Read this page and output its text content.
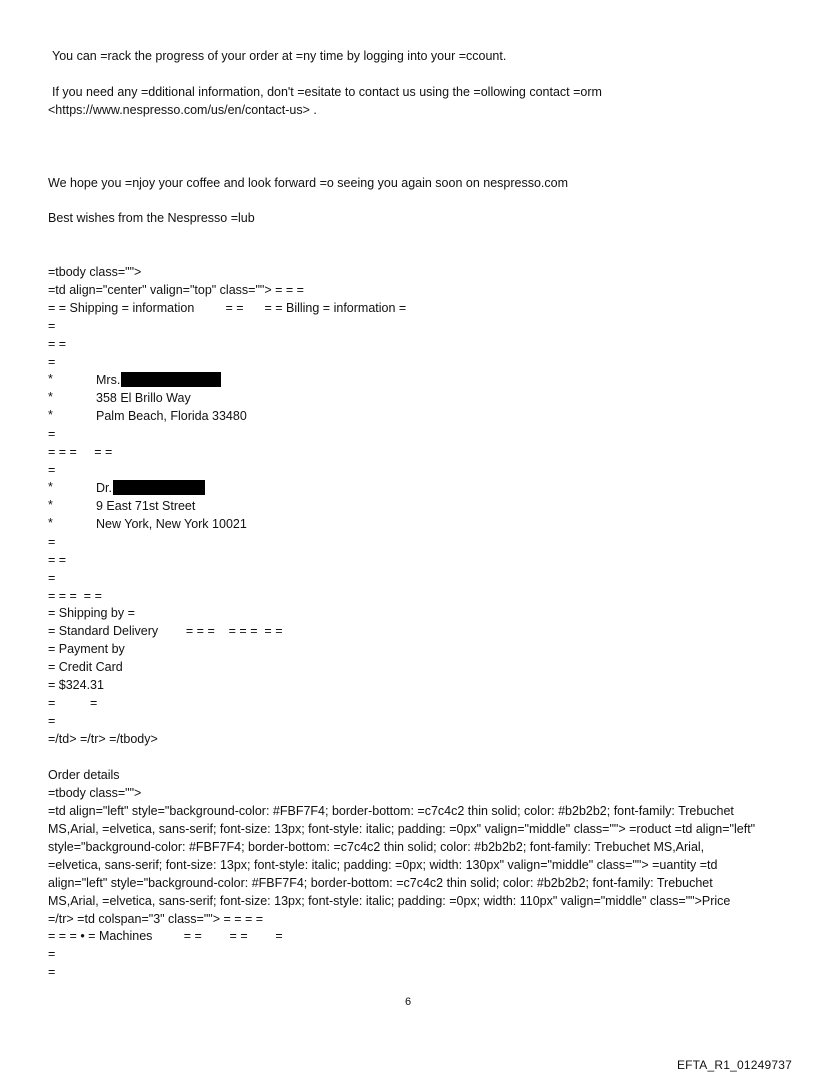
You can =rack the progress of your order at =ny time by logging into your =ccount.
If you need any =dditional information, don't =esitate to contact us using the =ollowing contact =orm
<https://www.nespresso.com/us/en/contact-us> .
We hope you =njoy your coffee and look forward =o seeing you again soon on nespresso.com
Best wishes from the Nespresso =lub
=tbody class="">
=td align="center" valign="top" class=""> = = =
= = Shipping = information         = =      = = Billing = information =
=
= =
=
*	Mrs.
*	358 El Brillo Way
*	Palm Beach, Florida 33480
=
= = =     = =
=
*	Dr.
*	9 East 71st Street
*	New York, New York 10021
=
= =
=
= = =  = =
= Shipping by =
= Standard Delivery        = = =    = = =  = =
= Payment by
= Credit Card
= $324.31
=          =
=
=/td> =/tr> =/tbody>
Order details
=tbody class="">
=td align="left" style="background-color: #FBF7F4; border-bottom: =c7c4c2 thin solid; color: #b2b2b2; font-family: Trebuchet MS,Arial, =elvetica, sans-serif; font-size: 13px; font-style: italic; padding: =0px" valign="middle" class=""> =roduct =td align="left" style="background-color: #FBF7F4; border-bottom: =c7c4c2 thin solid; color: #b2b2b2; font-family: Trebuchet MS,Arial, =elvetica, sans-serif; font-size: 13px; font-style: italic; padding: =0px; width: 130px" valign="middle" class=""> =uantity =td align="left" style="background-color: #FBF7F4; border-bottom: =c7c4c2 thin solid; color: #b2b2b2; font-family: Trebuchet MS,Arial, =elvetica, sans-serif; font-size: 13px; font-style: italic; padding: =0px; width: 110px" valign="middle" class="">Price =/tr> =td colspan="3" class=""> = = = =
= = = • = Machines         = =        = =        =
=
=
6
EFTA_R1_01249737
